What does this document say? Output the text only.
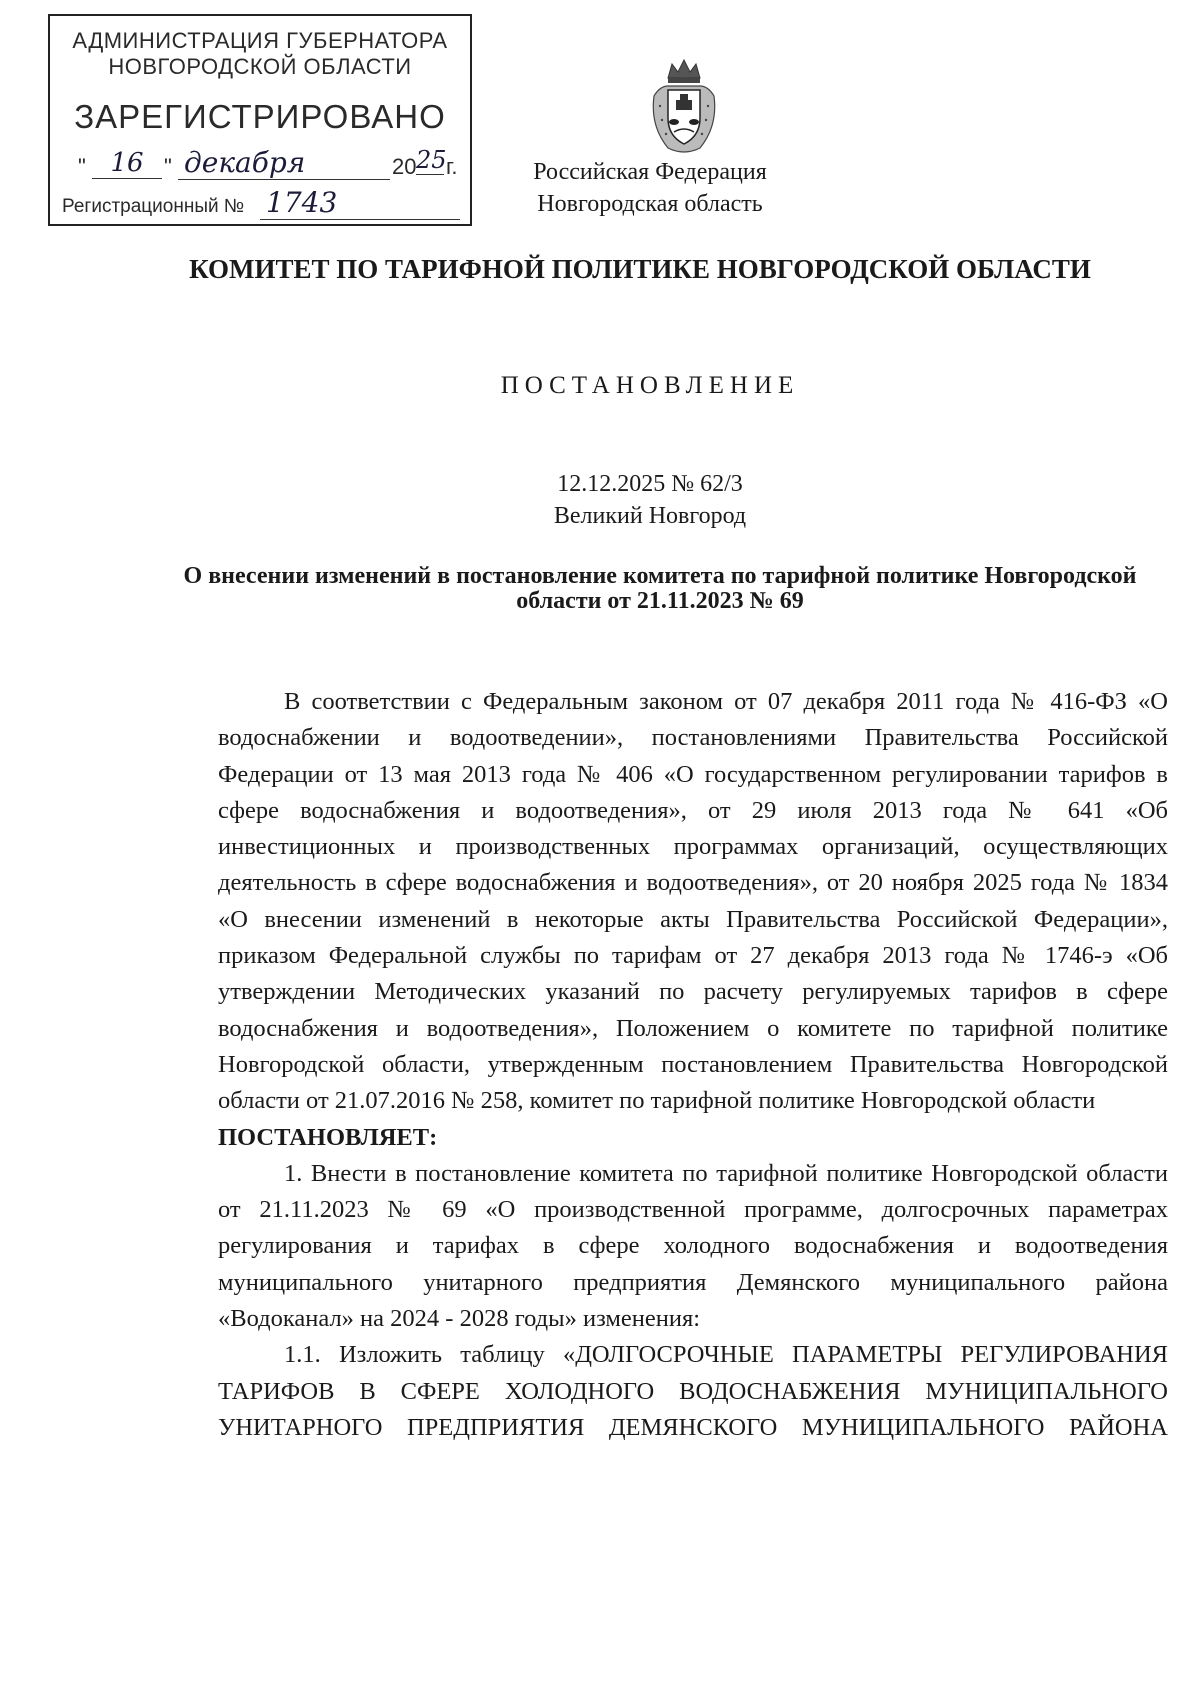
АДМИНИСТРАЦИЯ ГУБЕРНАТОРА
НОВГОРОДСКОЙ ОБЛАСТИ
ЗАРЕГИСТРИРОВАНО
" 16 " декабря	20 25 г.
Регистрационный № 1743
Российская Федерация
Новгородская область
КОМИТЕТ ПО ТАРИФНОЙ ПОЛИТИКЕ НОВГОРОДСКОЙ ОБЛАСТИ
ПОСТАНОВЛЕНИЕ
12.12.2025 № 62/3
Великий Новгород
О внесении изменений в постановление комитета по тарифной политике Новгородской области от 21.11.2023 № 69

В соответствии с Федеральным законом от 07 декабря 2011 года № 416-ФЗ «О водоснабжении и водоотведении», постановлениями Правительства Российской Федерации от 13 мая 2013 года № 406 «О государственном регулировании тарифов в сфере водоснабжения и водоотведения», от 29 июля 2013 года № 641 «Об инвестиционных и производственных программах организаций, осуществляющих деятельность в сфере водоснабжения и водоотведения», от 20 ноября 2025 года № 1834 «О внесении изменений в некоторые акты Правительства Российской Федерации», приказом Федеральной службы по тарифам от 27 декабря 2013 года № 1746-э «Об утверждении Методических указаний по расчету регулируемых тарифов в сфере водоснабжения и водоотведения», Положением о комитете по тарифной политике Новгородской области, утвержденным постановлением Правительства Новгородской области от 21.07.2016 № 258, комитет по тарифной политике Новгородской области

ПОСТАНОВЛЯЕТ:

1. Внести в постановление комитета по тарифной политике Новгородской области от 21.11.2023 № 69 «О производственной программе, долгосрочных параметрах регулирования и тарифах в сфере холодного водоснабжения и водоотведения муниципального унитарного предприятия Демянского муниципального района «Водоканал» на 2024 - 2028 годы» изменения:

1.1. Изложить таблицу «ДОЛГОСРОЧНЫЕ ПАРАМЕТРЫ РЕГУЛИРОВАНИЯ ТАРИФОВ В СФЕРЕ ХОЛОДНОГО ВОДОСНАБЖЕНИЯ МУНИЦИПАЛЬНОГО УНИТАРНОГО ПРЕДПРИЯТИЯ ДЕМЯНСКОГО МУНИЦИПАЛЬНОГО РАЙОНА
